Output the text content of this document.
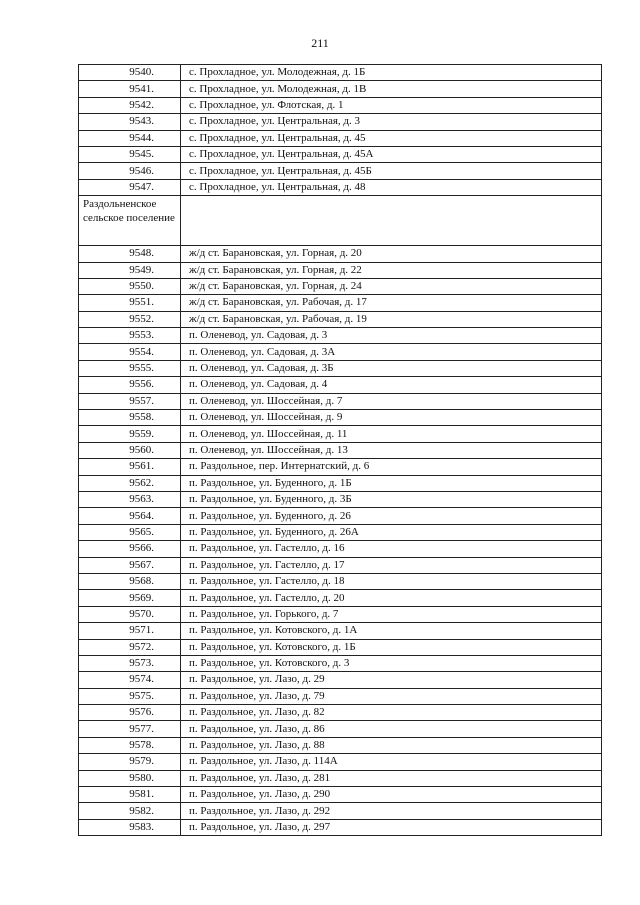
211
9540.	с. Прохладное, ул. Молодежная, д. 1Б
9541.	с. Прохладное, ул. Молодежная, д. 1В
9542.	с. Прохладное, ул. Флотская, д. 1
9543.	с. Прохладное, ул. Центральная, д. 3
9544.	с. Прохладное, ул. Центральная, д. 45
9545.	с. Прохладное, ул. Центральная, д. 45А
9546.	с. Прохладное, ул. Центральная, д. 45Б
9547.	с. Прохладное, ул. Центральная, д. 48
Раздольненское сельское поселение	
9548.	ж/д ст. Барановская, ул. Горная, д. 20
9549.	ж/д ст. Барановская, ул. Горная, д. 22
9550.	ж/д ст. Барановская, ул. Горная, д. 24
9551.	ж/д ст. Барановская, ул. Рабочая, д. 17
9552.	ж/д ст. Барановская, ул. Рабочая, д. 19
9553.	п. Оленевод, ул. Садовая, д. 3
9554.	п. Оленевод, ул. Садовая, д. 3А
9555.	п. Оленевод, ул. Садовая, д. 3Б
9556.	п. Оленевод, ул. Садовая, д. 4
9557.	п. Оленевод, ул. Шоссейная, д. 7
9558.	п. Оленевод, ул. Шоссейная, д. 9
9559.	п. Оленевод, ул. Шоссейная, д. 11
9560.	п. Оленевод, ул. Шоссейная, д. 13
9561.	п. Раздольное, пер. Интернатский, д. 6
9562.	п. Раздольное, ул. Буденного, д. 1Б
9563.	п. Раздольное, ул. Буденного, д. 3Б
9564.	п. Раздольное, ул. Буденного, д. 26
9565.	п. Раздольное, ул. Буденного, д. 26А
9566.	п. Раздольное, ул. Гастелло, д. 16
9567.	п. Раздольное, ул. Гастелло, д. 17
9568.	п. Раздольное, ул. Гастелло, д. 18
9569.	п. Раздольное, ул. Гастелло, д. 20
9570.	п. Раздольное, ул. Горького, д. 7
9571.	п. Раздольное, ул. Котовского, д. 1А
9572.	п. Раздольное, ул. Котовского, д. 1Б
9573.	п. Раздольное, ул. Котовского, д. 3
9574.	п. Раздольное, ул. Лазо, д. 29
9575.	п. Раздольное, ул. Лазо, д. 79
9576.	п. Раздольное, ул. Лазо, д. 82
9577.	п. Раздольное, ул. Лазо, д. 86
9578.	п. Раздольное, ул. Лазо, д. 88
9579.	п. Раздольное, ул. Лазо, д. 114А
9580.	п. Раздольное, ул. Лазо, д. 281
9581.	п. Раздольное, ул. Лазо, д. 290
9582.	п. Раздольное, ул. Лазо, д. 292
9583.	п. Раздольное, ул. Лазо, д. 297
